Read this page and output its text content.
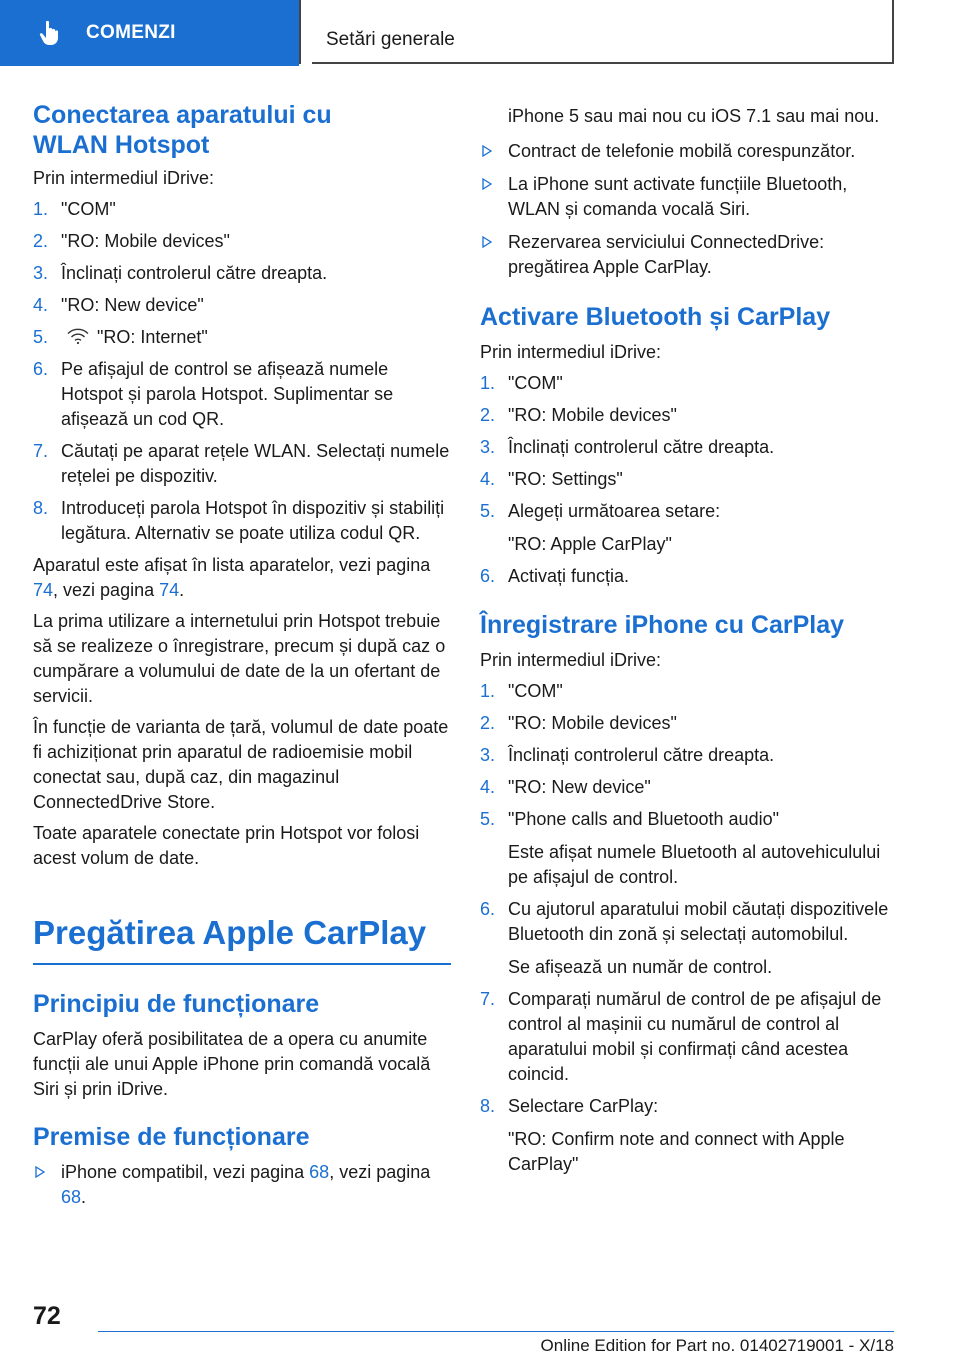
COMENZI	Setări generale
Conectarea aparatului cu
WLAN Hotspot

Prin intermediul iDrive:

1. "COM"
2. "RO: Mobile devices"
3. Înclinați controlerul către dreapta.
4. "RO: New device"
5.	"RO: Internet"
6. Pe afișajul de control se afișează numele Hotspot și parola Hotspot. Suplimentar se afișează un cod QR.
7. Căutați pe aparat rețele WLAN. Selectați numele rețelei pe dispozitiv.
8. Introduceți parola Hotspot în dispozitiv și stabiliți legătura. Alternativ se poate utiliza codul QR.

Aparatul este afișat în lista aparatelor, vezi pagina 74, vezi pagina 74.

La prima utilizare a internetului prin Hotspot trebuie să se realizeze o înregistrare, precum și după caz o cumpărare a volumului de date de la un ofertant de servicii.

În funcție de varianta de țară, volumul de date poate fi achiziționat prin aparatul de radioemisie mobil conectat sau, după caz, din magazinul ConnectedDrive Store.

Toate aparatele conectate prin Hotspot vor folosi acest volum de date.

Pregătirea Apple CarPlay
Principiu de funcționare

CarPlay oferă posibilitatea de a opera cu anumite funcții ale unui Apple iPhone prin comandă vocală Siri și prin iDrive.

Premise de funcționare
iPhone compatibil, vezi pagina 68, vezi pagina 68.

iPhone 5 sau mai nou cu iOS 7.1 sau mai nou.

Contract de telefonie mobilă corespunzător.
La iPhone sunt activate funcțiile Bluetooth, WLAN și comanda vocală Siri.
Rezervarea serviciului ConnectedDrive: pregătirea Apple CarPlay.
Activare Bluetooth și CarPlay

Prin intermediul iDrive:

1. "COM"
2. "RO: Mobile devices"
3. Înclinați controlerul către dreapta.
4. "RO: Settings"
5. Alegeți următoarea setare:
"RO: Apple CarPlay"
6. Activați funcția.
Înregistrare iPhone cu CarPlay

Prin intermediul iDrive:

1. "COM"
2. "RO: Mobile devices"
3. Înclinați controlerul către dreapta.
4. "RO: New device"
5. "Phone calls and Bluetooth audio"
Este afișat numele Bluetooth al autovehiculului pe afișajul de control.
6. Cu ajutorul aparatului mobil căutați dispozitivele Bluetooth din zonă și selectați automobilul.
Se afișează un număr de control.
7. Comparați numărul de control de pe afișajul de control al mașinii cu numărul de control al aparatului mobil și confirmați când acestea coincid.
8. Selectare CarPlay:
"RO: Confirm note and connect with Apple CarPlay"
72
Online Edition for Part no. 01402719001 - X/18
